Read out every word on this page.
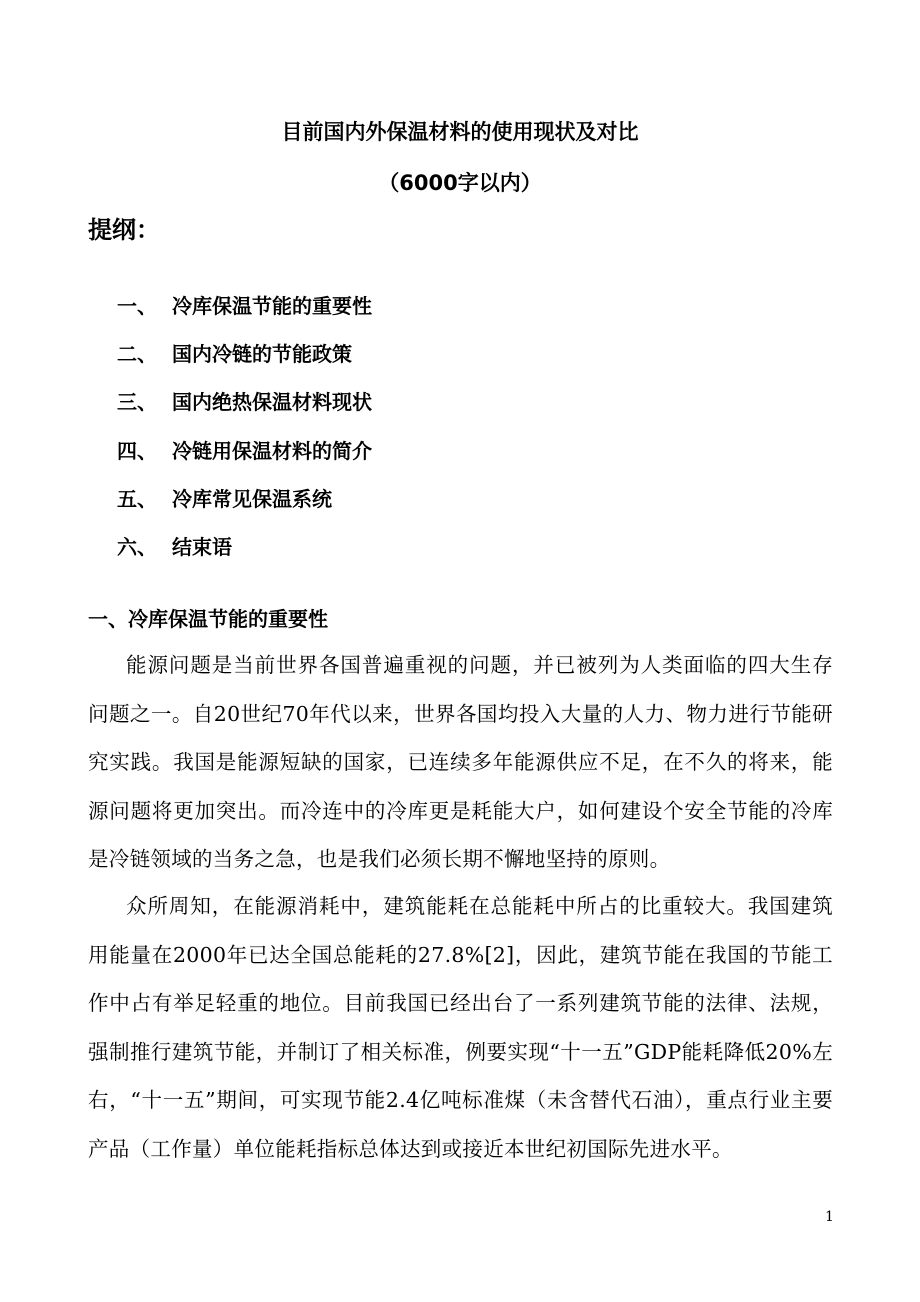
目前国内外保温材料的使用现状及对比
（6000字以内）
提纲：
一、 冷库保温节能的重要性
二、 国内冷链的节能政策
三、 国内绝热保温材料现状
四、 冷链用保温材料的简介
五、 冷库常见保温系统
六、 结束语
一、冷库保温节能的重要性

能源问题是当前世界各国普遍重视的问题，并已被列为人类面临的四大生存问题之一。自20世纪70年代以来，世界各国均投入大量的人力、物力进行节能研究实践。我国是能源短缺的国家，已连续多年能源供应不足，在不久的将来，能源问题将更加突出。而冷连中的冷库更是耗能大户，如何建设个安全节能的冷库是冷链领域的当务之急，也是我们必须长期不懈地坚持的原则。

众所周知，在能源消耗中，建筑能耗在总能耗中所占的比重较大。我国建筑用能量在2000年已达全国总能耗的27.8%[2]，因此，建筑节能在我国的节能工作中占有举足轻重的地位。目前我国已经出台了一系列建筑节能的法律、法规，强制推行建筑节能，并制订了相关标准，例要实现“十一五”GDP能耗降低20%左右，“十一五”期间，可实现节能2.4亿吨标准煤（未含替代石油），重点行业主要产品（工作量）单位能耗指标总体达到或接近本世纪初国际先进水平。

1
